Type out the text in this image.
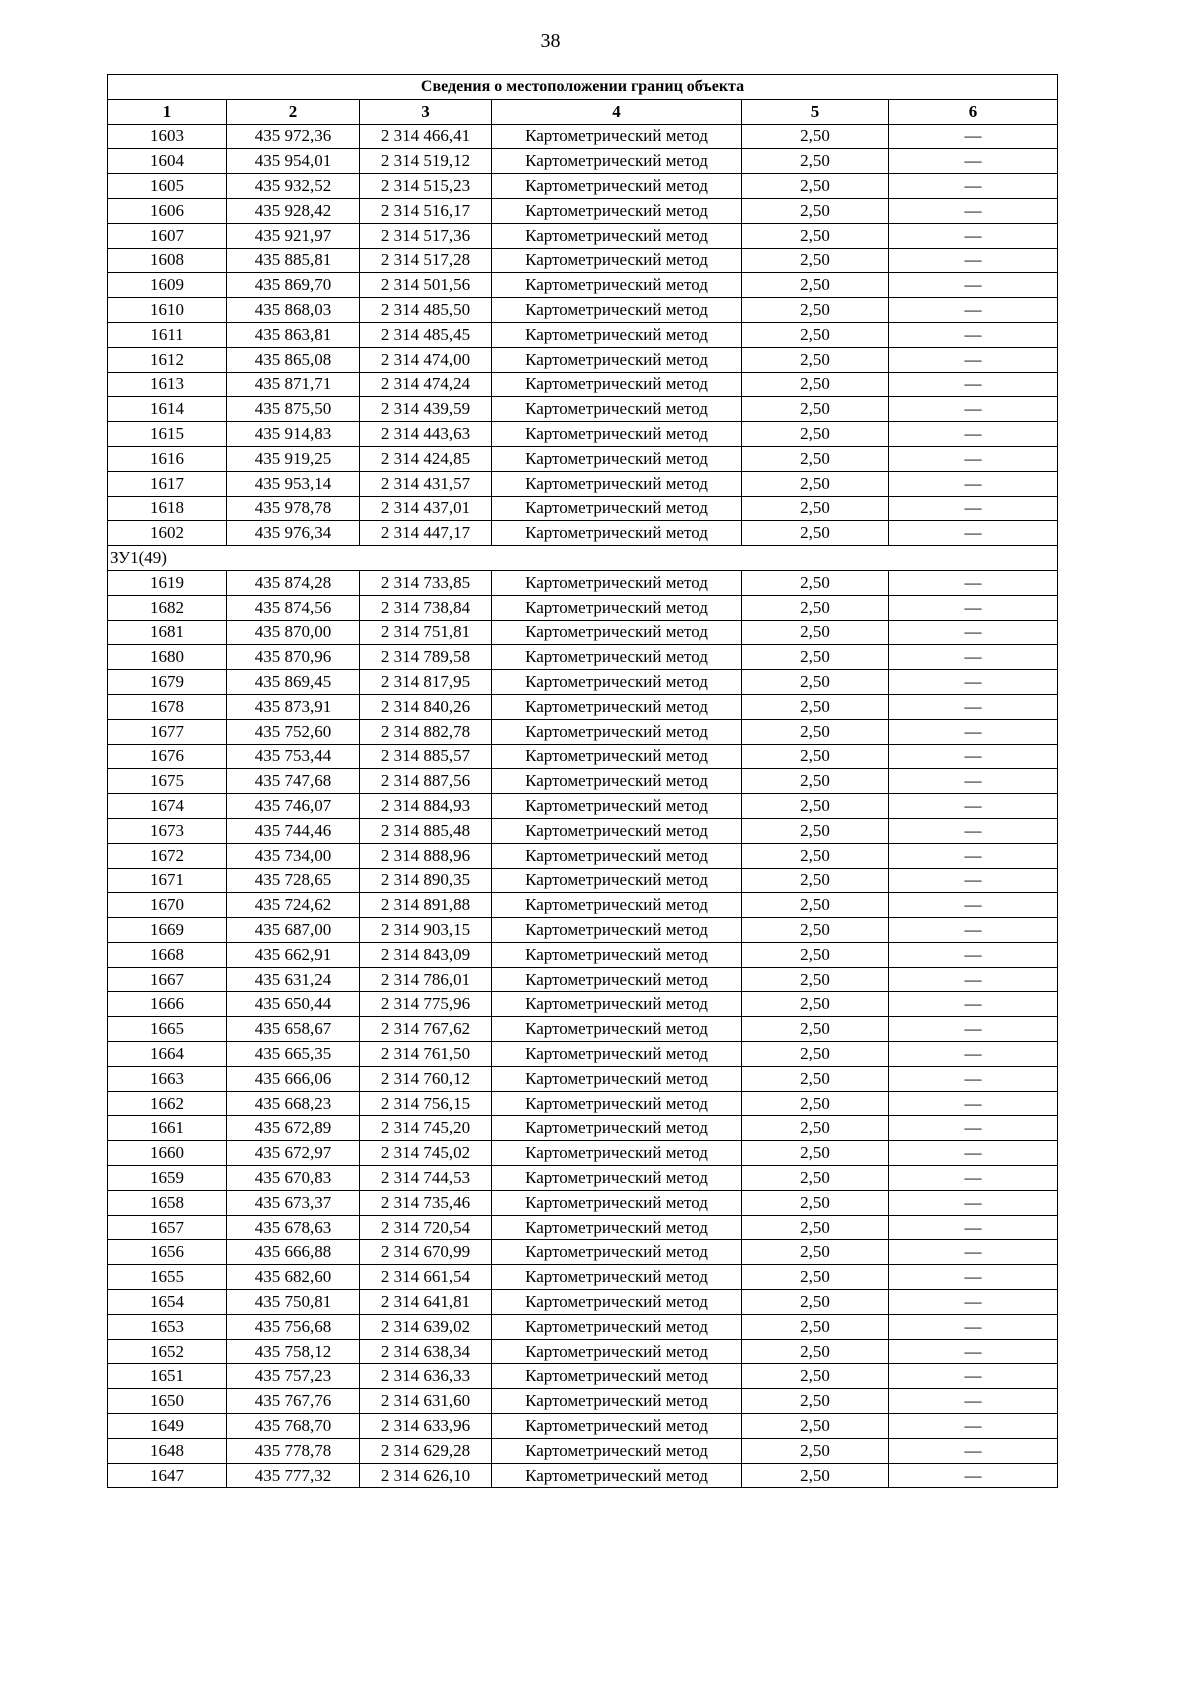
38
Сведения о местоположении границ объекта					
1	2	3	4	5	6
1603	435 972,36	2 314 466,41	Картометрический метод	2,50	—
1604	435 954,01	2 314 519,12	Картометрический метод	2,50	—
1605	435 932,52	2 314 515,23	Картометрический метод	2,50	—
1606	435 928,42	2 314 516,17	Картометрический метод	2,50	—
1607	435 921,97	2 314 517,36	Картометрический метод	2,50	—
1608	435 885,81	2 314 517,28	Картометрический метод	2,50	—
1609	435 869,70	2 314 501,56	Картометрический метод	2,50	—
1610	435 868,03	2 314 485,50	Картометрический метод	2,50	—
1611	435 863,81	2 314 485,45	Картометрический метод	2,50	—
1612	435 865,08	2 314 474,00	Картометрический метод	2,50	—
1613	435 871,71	2 314 474,24	Картометрический метод	2,50	—
1614	435 875,50	2 314 439,59	Картометрический метод	2,50	—
1615	435 914,83	2 314 443,63	Картометрический метод	2,50	—
1616	435 919,25	2 314 424,85	Картометрический метод	2,50	—
1617	435 953,14	2 314 431,57	Картометрический метод	2,50	—
1618	435 978,78	2 314 437,01	Картометрический метод	2,50	—
1602	435 976,34	2 314 447,17	Картометрический метод	2,50	—
ЗУ1(49)					
1619	435 874,28	2 314 733,85	Картометрический метод	2,50	—
1682	435 874,56	2 314 738,84	Картометрический метод	2,50	—
1681	435 870,00	2 314 751,81	Картометрический метод	2,50	—
1680	435 870,96	2 314 789,58	Картометрический метод	2,50	—
1679	435 869,45	2 314 817,95	Картометрический метод	2,50	—
1678	435 873,91	2 314 840,26	Картометрический метод	2,50	—
1677	435 752,60	2 314 882,78	Картометрический метод	2,50	—
1676	435 753,44	2 314 885,57	Картометрический метод	2,50	—
1675	435 747,68	2 314 887,56	Картометрический метод	2,50	—
1674	435 746,07	2 314 884,93	Картометрический метод	2,50	—
1673	435 744,46	2 314 885,48	Картометрический метод	2,50	—
1672	435 734,00	2 314 888,96	Картометрический метод	2,50	—
1671	435 728,65	2 314 890,35	Картометрический метод	2,50	—
1670	435 724,62	2 314 891,88	Картометрический метод	2,50	—
1669	435 687,00	2 314 903,15	Картометрический метод	2,50	—
1668	435 662,91	2 314 843,09	Картометрический метод	2,50	—
1667	435 631,24	2 314 786,01	Картометрический метод	2,50	—
1666	435 650,44	2 314 775,96	Картометрический метод	2,50	—
1665	435 658,67	2 314 767,62	Картометрический метод	2,50	—
1664	435 665,35	2 314 761,50	Картометрический метод	2,50	—
1663	435 666,06	2 314 760,12	Картометрический метод	2,50	—
1662	435 668,23	2 314 756,15	Картометрический метод	2,50	—
1661	435 672,89	2 314 745,20	Картометрический метод	2,50	—
1660	435 672,97	2 314 745,02	Картометрический метод	2,50	—
1659	435 670,83	2 314 744,53	Картометрический метод	2,50	—
1658	435 673,37	2 314 735,46	Картометрический метод	2,50	—
1657	435 678,63	2 314 720,54	Картометрический метод	2,50	—
1656	435 666,88	2 314 670,99	Картометрический метод	2,50	—
1655	435 682,60	2 314 661,54	Картометрический метод	2,50	—
1654	435 750,81	2 314 641,81	Картометрический метод	2,50	—
1653	435 756,68	2 314 639,02	Картометрический метод	2,50	—
1652	435 758,12	2 314 638,34	Картометрический метод	2,50	—
1651	435 757,23	2 314 636,33	Картометрический метод	2,50	—
1650	435 767,76	2 314 631,60	Картометрический метод	2,50	—
1649	435 768,70	2 314 633,96	Картометрический метод	2,50	—
1648	435 778,78	2 314 629,28	Картометрический метод	2,50	—
1647	435 777,32	2 314 626,10	Картометрический метод	2,50	—
